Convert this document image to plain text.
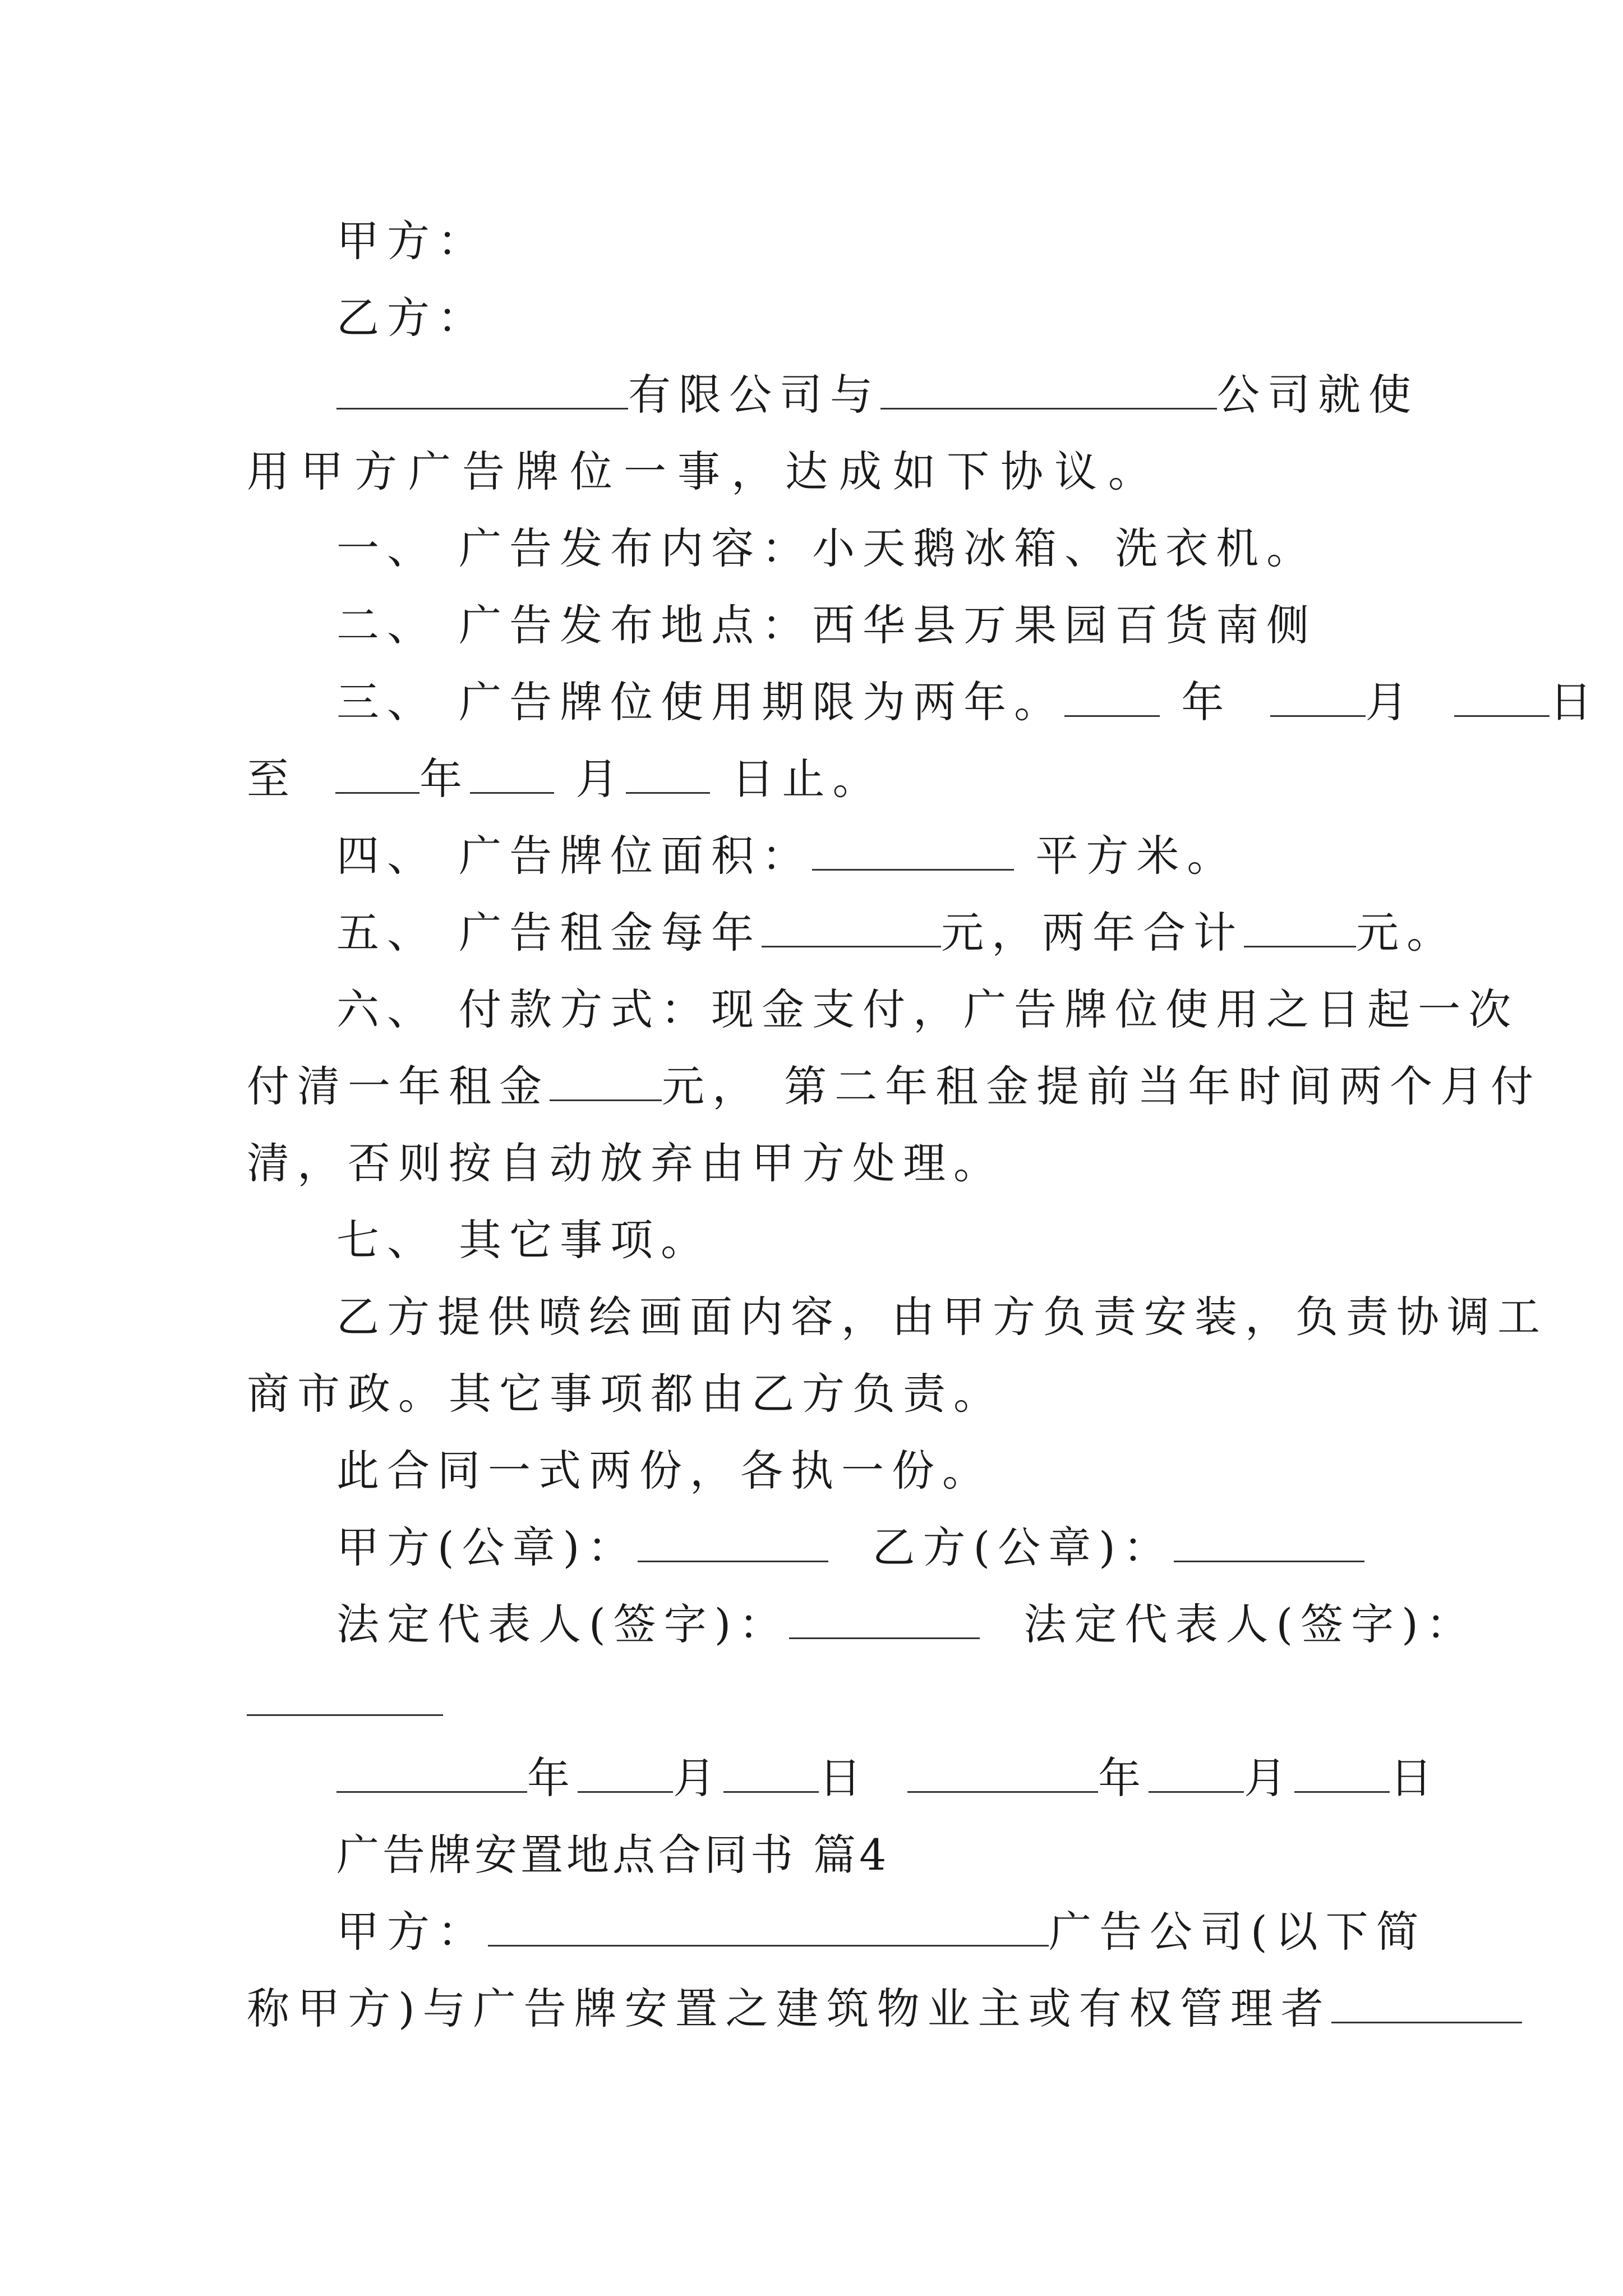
甲方：
乙方：
有限公司与	公司就使
用甲方广告牌位一事，达成如下协议。
一、 广告发布内容：小天鹅冰箱、洗衣机。
二、 广告发布地点：西华县万果园百货南侧
三、 广告牌位使用期限为两年。	年	月	日
至	年 月 日止。
四、 广告牌位面积：	平方米。
五、 广告租金每年	元，两年合计	元。
六、 付款方式：现金支付，广告牌位使用之日起一次
付清一年租金	元， 第二年租金提前当年时间两个月付
清，否则按自动放弃由甲方处理。
七、 其它事项。
乙方提供喷绘画面内容，由甲方负责安装，负责协调工
商市政。其它事项都由乙方负责。
此合同一式两份，各执一份。
甲方(公章)：	乙方(公章)：
法定代表人(签字)：	法定代表人(签字)：
年 月 日	年 月 日
广告牌安置地点合同书 篇4
甲方：	广告公司(以下简
称甲方)与广告牌安置之建筑物业主或有权管理者
